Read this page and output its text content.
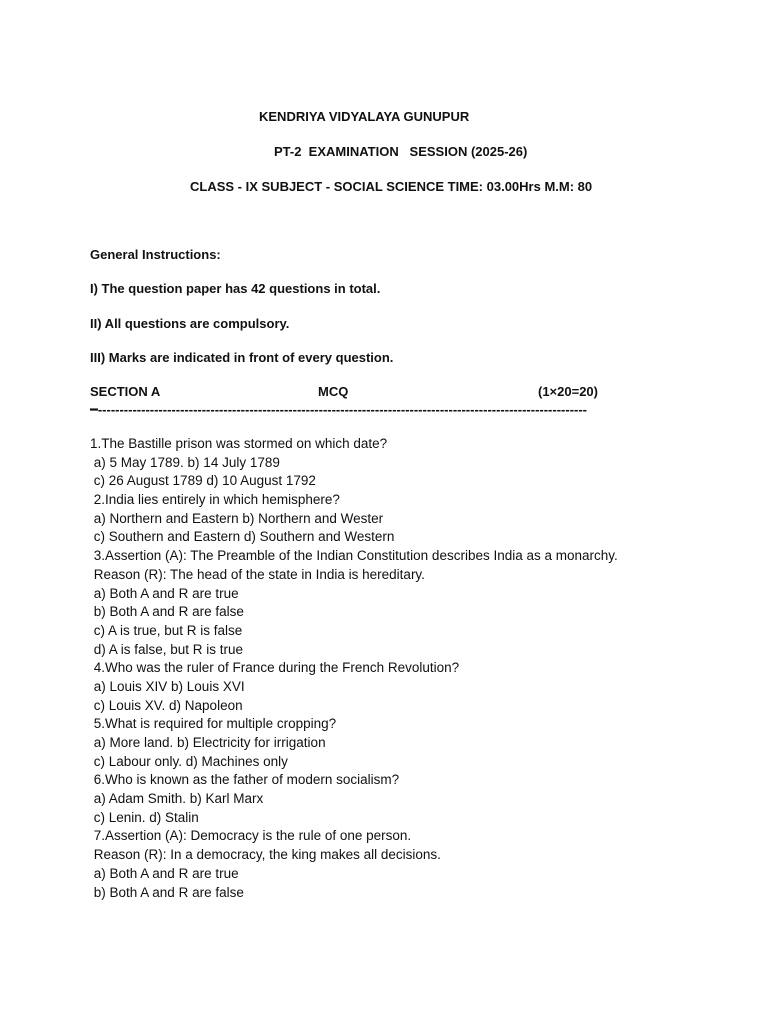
KENDRIYA VIDYALAYA GUNUPUR
PT-2  EXAMINATION   SESSION (2025-26)
CLASS - IX SUBJECT - SOCIAL SCIENCE TIME: 03.00Hrs M.M: 80
General Instructions:
I) The question paper has 42 questions in total.
II) All questions are compulsory.
III) Marks are indicated in front of every question.
SECTION A	MCQ	(1×20=20)
━-----------------------------------------------------------------------------------------------------------------
1.The Bastille prison was stormed on which date?
a) 5 May 1789. b) 14 July 1789
c) 26 August 1789 d) 10 August 1792
2.India lies entirely in which hemisphere?
a) Northern and Eastern b) Northern and Wester
c) Southern and Eastern d) Southern and Western
3.Assertion (A): The Preamble of the Indian Constitution describes India as a monarchy.
Reason (R): The head of the state in India is hereditary.
a) Both A and R are true
b) Both A and R are false
c) A is true, but R is false
d) A is false, but R is true
4.Who was the ruler of France during the French Revolution?
a) Louis XIV b) Louis XVI
c) Louis XV. d) Napoleon
5.What is required for multiple cropping?
a) More land. b) Electricity for irrigation
c) Labour only. d) Machines only
6.Who is known as the father of modern socialism?
a) Adam Smith. b) Karl Marx
c) Lenin. d) Stalin
7.Assertion (A): Democracy is the rule of one person.
Reason (R): In a democracy, the king makes all decisions.
a) Both A and R are true
b) Both A and R are false
